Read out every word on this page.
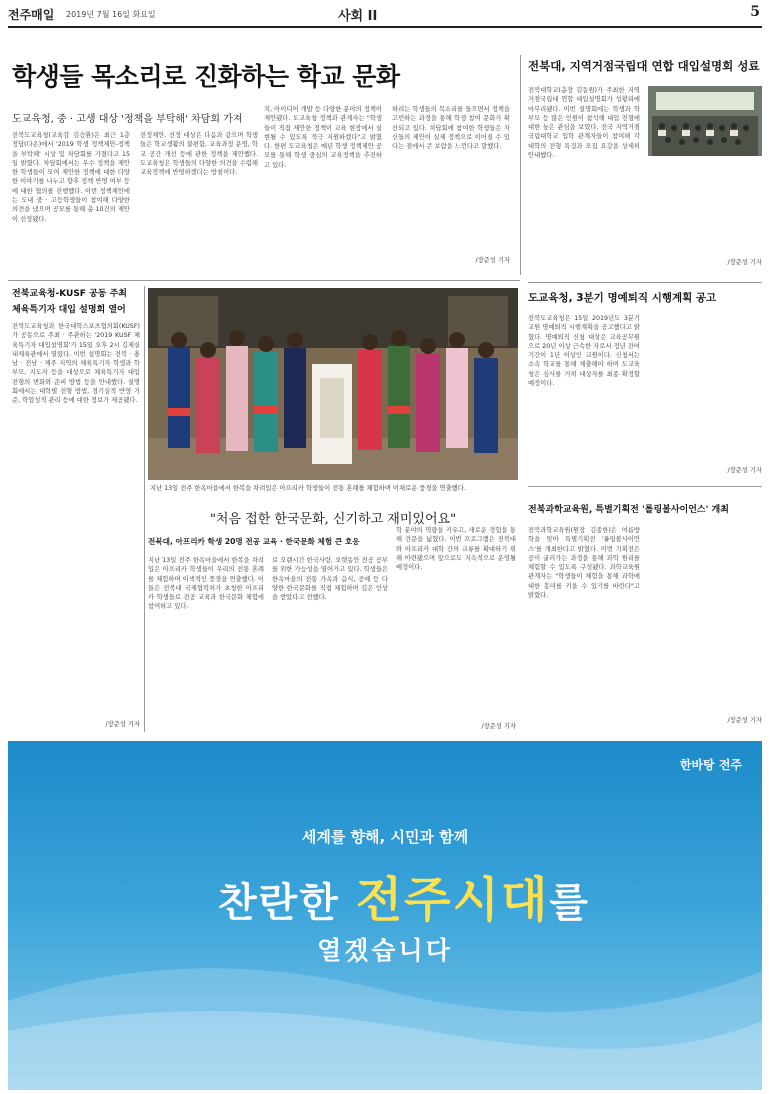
전주매일 2019년 7월 16일 화요일	사회 II	5
학생들 목소리로 진화하는 학교 문화
도교육청, 중 · 고생 대상 '정책을 부탁해' 차담회 가져
전북도교육청(교육감 김승환)은 최근 1층 정담(다온)에서 '2019 학생 정책제안-정책을 부탁해' 시상 및 차담회를 가졌다고 15일 밝혔다. 차담회에서는 우수 정책을 제안한 학생들이 모여 제안한 정책에 대한 다양한 이야기를 나누고 향후 정책 반영 여부 등에 대한 협의를 진행했다. 이번 정책제안에는 도내 중 · 고등학생들이 참여해 다양한 의견을 냈으며 공모를 통해 총 10건의 제안이 선정됐다.
전정제안. 선정 대상은 다음과 같으며 학생들은 학교생활의 불편함, 교육과정 운영, 학교 공간 개선 등에 관한 정책을 제안했다. 도교육청은 학생들의 다양한 의견을 수렴해 교육정책에 반영하겠다는 방침이다.
치, 아이디어 개발 등 다양한 분야의 정책이 제안됐다. 도교육청 정책과 관계자는 "학생들이 직접 제안한 정책이 교육 현장에서 실현될 수 있도록 적극 지원하겠다"고 밝혔다. 한편 도교육청은 매년 학생 정책제안 공모를 통해 학생 중심의 교육정책을 추진하고 있다.
하려는 학생들의 목소리를 들으면서 정책을 고민하는 과정을 통해 학생 참여 문화가 확산되고 있다. 차담회에 참여한 학생들은 자신들의 제안이 실제 정책으로 이어질 수 있다는 점에서 큰 보람을 느낀다고 말했다.
/장준성 기자
전북대, 지역거점국립대 연합 대입설명회 성료
전북대학교(총장 김동원)가 주최한 지역거점국립대 연합 대입설명회가 성황리에 마무리됐다. 이번 설명회에는 학생과 학부모 등 많은 인원이 참석해 대입 전형에 대한 높은 관심을 보였다. 전국 지역거점국립대학교 입학 관계자들이 참여해 각 대학의 전형 특징과 모집 요강을 상세히 안내했다.
/장준성 기자
도교육청, 3분기 명예퇴직 시행계획 공고
전북도교육청은 15일 2019년도 3분기 교원 명예퇴직 시행계획을 공고했다고 밝혔다. 명예퇴직 신청 대상은 교육공무원으로 20년 이상 근속한 자로서 정년 잔여기간이 1년 이상인 교원이다. 신청서는 소속 학교를 통해 제출해야 하며 도교육청은 심사를 거쳐 대상자를 최종 확정할 예정이다.
/장준성 기자
전북과학교육원, 특별기획전 '롤링볼사이언스' 개최
전북과학교육원(원장 김종한)은 여름방학을 맞아 특별기획전 '롤링볼사이언스'를 개최한다고 밝혔다. 이번 기획전은 공이 굴러가는 과정을 통해 과학 원리를 체험할 수 있도록 구성됐다. 과학교육원 관계자는 "학생들이 체험을 통해 과학에 대한 흥미를 키울 수 있기를 바란다"고 밝혔다.
/장준성 기자
전북교육청-KUSF 공동 주최
체육특기자 대입 설명회 열어
전북도교육청과 한국대학스포츠협의회(KUSF)가 공동으로 주최 · 주관하는 '2019 KUSF 체육특기자 대입설명회'가 15일 오후 2시 김제실내체육관에서 열렸다. 이번 설명회는 전북 · 충남 · 전남 · 제주 지역의 체육특기자 학생과 학부모, 지도자 등을 대상으로 체육특기자 대입 전형의 변화와 준비 방법 등을 안내했다. 설명회에서는 대학별 전형 방법, 경기실적 반영 기준, 학업성적 관리 등에 대한 정보가 제공됐다.
/장준성 기자
지난 13일 전주 한옥마을에서 한복을 차려입은 아프리카 학생들이 전통 혼례를 체험하며 이채로운 풍경을 연출했다.
"처음 접한 한국문화, 신기하고 재미있어요"
전북대, 아프리카 학생 20명 전공 교육 · 한국문화 체험 큰 호응
지난 13일 전주 한옥마을에서 한복을 차려입은 아프리카 학생들이 우리의 전통 혼례를 체험하며 이색적인 풍경을 연출했다. 이들은 전북대 국제협력처가 초청한 아프리카 학생들로 전공 교육과 한국문화 체험에 참여하고 있다.
로 오랜시간 한국사랑, 오랫동안 전공 공부를 위한 가능성을 열어가고 있다. 학생들은 한옥마을의 전통 가옥과 음식, 공예 등 다양한 한국문화를 직접 체험하며 깊은 인상을 받았다고 전했다.
학 분야의 역량을 키우고, 새로운 경험을 통해 견문을 넓혔다. 이번 프로그램은 전북대와 아프리카 대학 간의 교류를 확대하기 위해 마련됐으며 앞으로도 지속적으로 운영될 예정이다.
/장준성 기자
한바탕 전주
세계를 향해, 시민과 함께
찬란한 전주시대를
열겠습니다
